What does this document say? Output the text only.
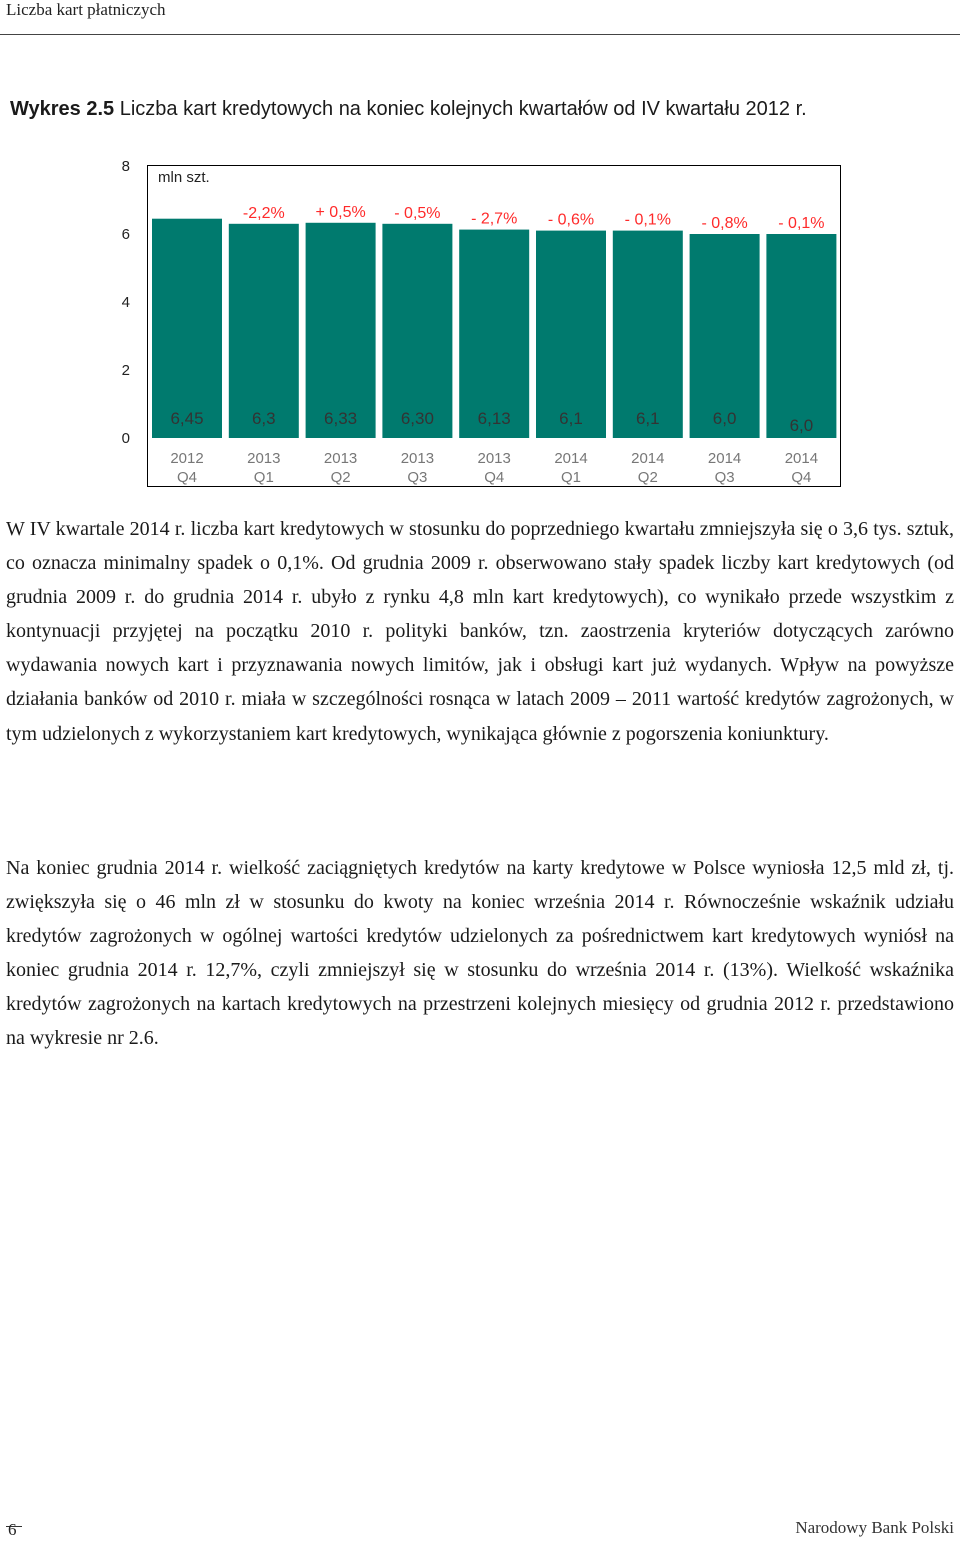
Liczba kart płatniczych
Wykres 2.5 Liczba kart kredytowych na koniec kolejnych kwartałów od IV kwartału 2012 r.
0
2
4
6
8
mln szt.
-2,2% + 0,5% - 0,5% - 2,7% - 0,6% - 0,1% - 0,8% - 0,1%
6,45	6,3	6,33	6,30	6,13	6,1	6,1	6,0	6,0
2012
Q4
2013
Q1
2013
Q2
2013
Q3
2013
Q4
2014
Q1
2014
Q2
2014
Q3
2014
Q4

W IV kwartale 2014 r. liczba kart kredytowych w stosunku do poprzedniego kwartału zmniejszyła się o 3,6 tys. sztuk, co oznacza minimalny spadek o 0,1%. Od grudnia 2009 r. obserwowano stały spadek liczby kart kredytowych (od grudnia 2009 r. do grudnia 2014 r. ubyło z rynku 4,8 mln kart kredytowych), co wynikało przede wszystkim z kontynuacji przyjętej na początku 2010 r. polityki banków, tzn. zaostrzenia kryteriów dotyczących zarówno wydawania nowych kart i przyznawania nowych limitów, jak i obsługi kart już wydanych. Wpływ na powyższe działania banków od 2010 r. miała w szczególności rosnąca w latach 2009 – 2011 wartość kredytów zagrożonych, w tym udzielonych z wykorzystaniem kart kredytowych, wynikająca głównie z pogorszenia koniunktury.

Na koniec grudnia 2014 r. wielkość zaciągniętych kredytów na karty kredytowe w Polsce wyniosła 12,5 mld zł, tj. zwiększyła się o 46 mln zł w stosunku do kwoty na koniec września 2014 r. Równocześnie wskaźnik udziału kredytów zagrożonych w ogólnej wartości kredytów udzielonych za pośrednictwem kart kredytowych wyniósł na koniec grudnia 2014 r. 12,7%, czyli zmniejszył się w stosunku do września 2014 r. (13%). Wielkość wskaźnika kredytów zagrożonych na kartach kredytowych na przestrzeni kolejnych miesięcy od grudnia 2012 r. przedstawiono na wykresie nr 2.6.

6	Narodowy Bank Polski
